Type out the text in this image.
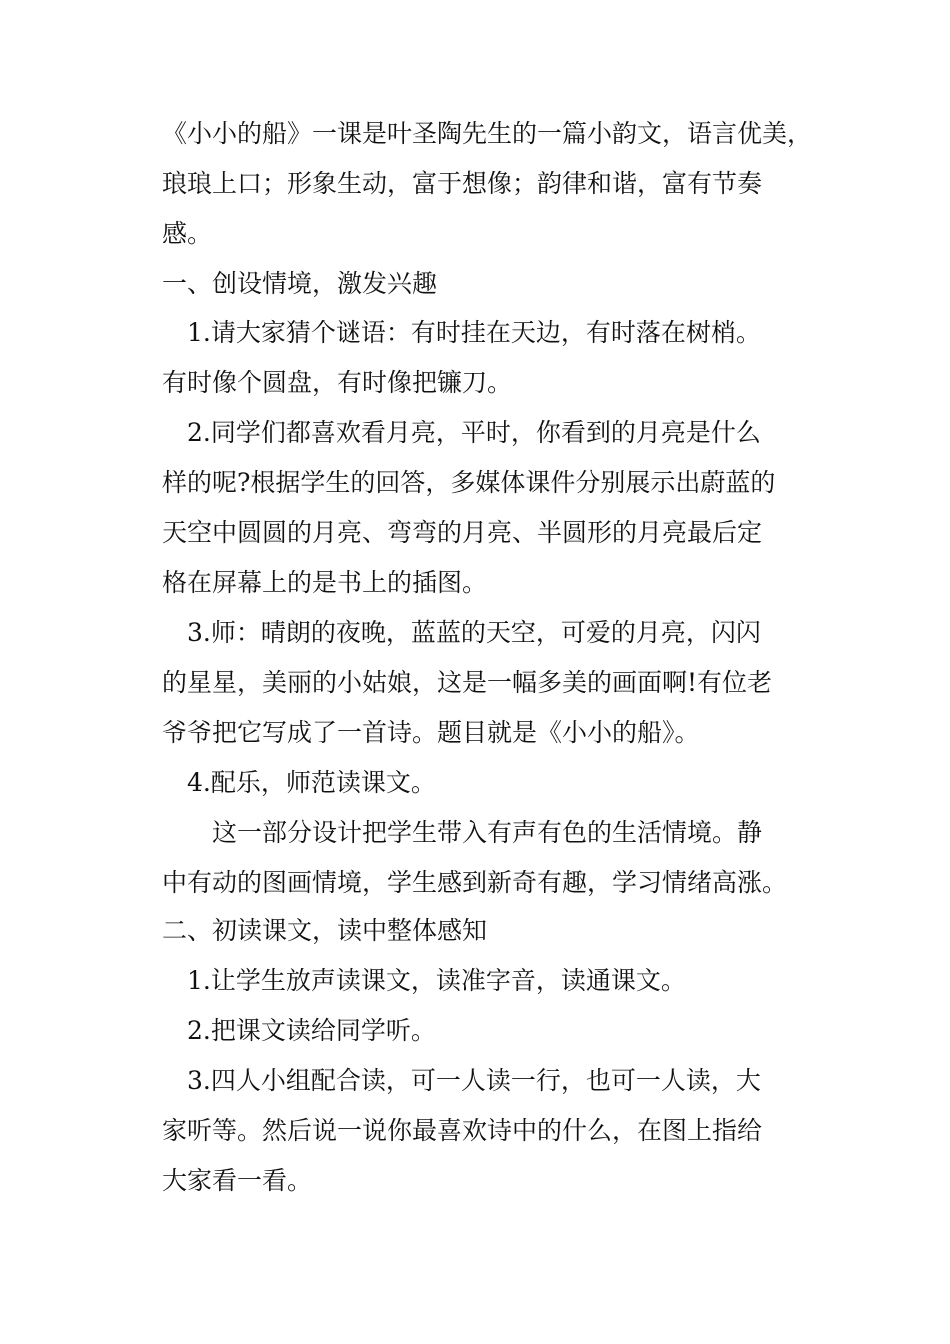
《小小的船》一课是叶圣陶先生的一篇小韵文，语言优美，

琅琅上口；形象生动，富于想像；韵律和谐，富有节奏

感。

一、创设情境，激发兴趣

1.请大家猜个谜语：有时挂在天边，有时落在树梢。

有时像个圆盘，有时像把镰刀。

2.同学们都喜欢看月亮，平时，你看到的月亮是什么

样的呢?根据学生的回答，多媒体课件分别展示出蔚蓝的

天空中圆圆的月亮、弯弯的月亮、半圆形的月亮最后定

格在屏幕上的是书上的插图。

3.师：晴朗的夜晚，蓝蓝的天空，可爱的月亮，闪闪

的星星，美丽的小姑娘，这是一幅多美的画面啊!有位老

爷爷把它写成了一首诗。题目就是《小小的船》。

4.配乐，师范读课文。

这一部分设计把学生带入有声有色的生活情境。静

中有动的图画情境，学生感到新奇有趣，学习情绪高涨。

二、初读课文，读中整体感知

1.让学生放声读课文，读准字音，读通课文。

2.把课文读给同学听。

3.四人小组配合读，可一人读一行，也可一人读，大

家听等。然后说一说你最喜欢诗中的什么，在图上指给

大家看一看。
